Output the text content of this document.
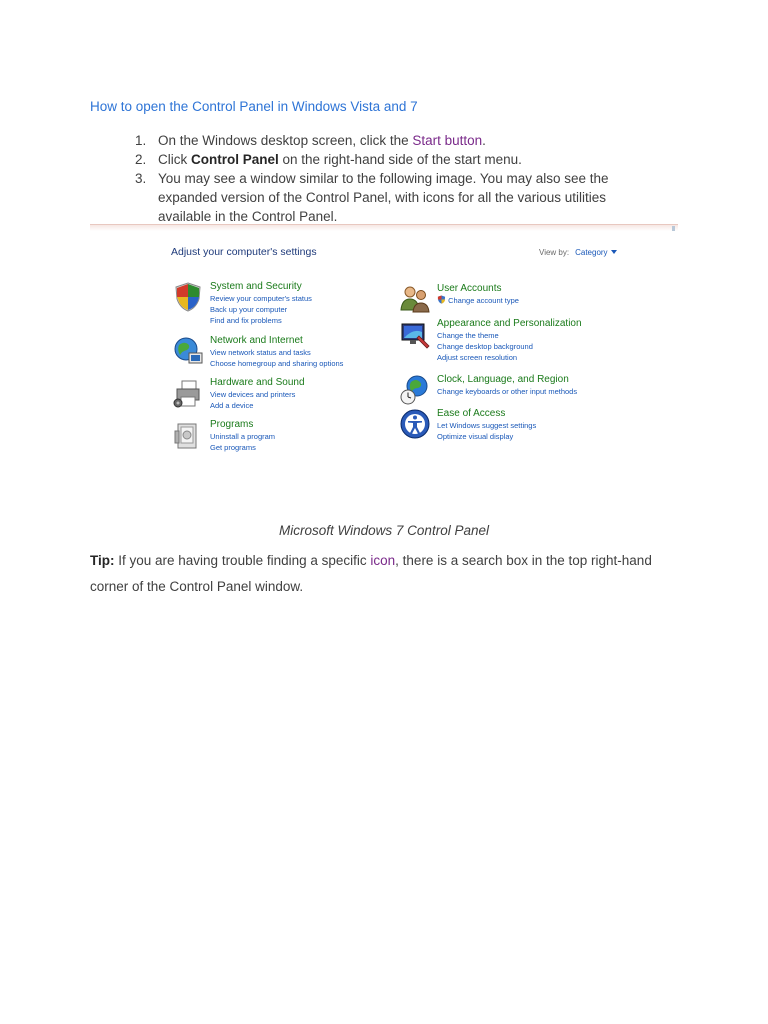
How to open the Control Panel in Windows Vista and 7
1. On the Windows desktop screen, click the Start button.
2. Click Control Panel on the right-hand side of the start menu.
3. You may see a window similar to the following image. You may also see the expanded version of the Control Panel, with icons for all the various utilities available in the Control Panel.
Adjust your computer's settings	View by: Category
System and Security
Review your computer's status
Back up your computer
Find and fix problems
Network and Internet
View network status and tasks
Choose homegroup and sharing options
Hardware and Sound
View devices and printers
Add a device
Programs
Uninstall a program
Get programs
User Accounts
Change account type
Appearance and Personalization
Change the theme
Change desktop background
Adjust screen resolution
Clock, Language, and Region
Change keyboards or other input methods
Ease of Access
Let Windows suggest settings
Optimize visual display
Microsoft Windows 7 Control Panel
Tip: If you are having trouble finding a specific icon, there is a search box in the top right-hand corner of the Control Panel window.
